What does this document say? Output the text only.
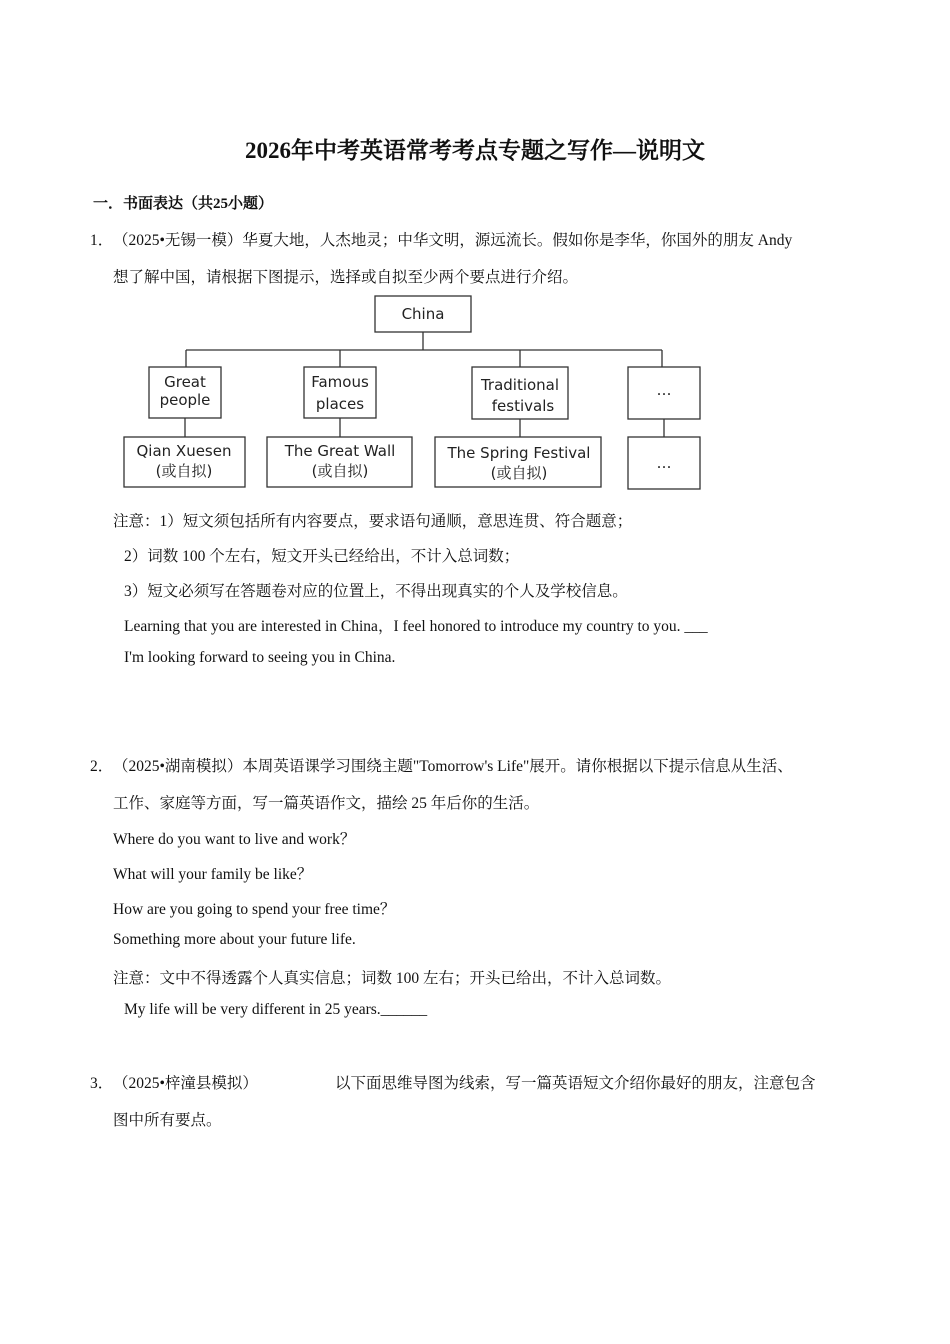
2026年中考英语常考考点专题之写作—说明文
一．书面表达（共25小题）
1． （2025•无锡一模）华夏大地，人杰地灵；中华文明，源远流长。假如你是李华，你国外的朋友 Andy
想了解中国，请根据下图提示，选择或自拟至少两个要点进行介绍。
China
Great
people
Qian Xuesen
(或自拟)
Famous
places
The Great Wall
(或自拟)
Traditional
festivals
The Spring Festival
(或自拟)
…
…
注意：1）短文须包括所有内容要点，要求语句通顺，意思连贯、符合题意；
2）词数 100 个左右，短文开头已经给出，不计入总词数；
3）短文必须写在答题卷对应的位置上，不得出现真实的个人及学校信息。
Learning that you are interested in China，I feel honored to introduce my country to you. ___
I'm looking forward to seeing you in China.
2． （2025•湖南模拟）本周英语课学习围绕主题"Tomorrow's Life"展开。请你根据以下提示信息从生活、
工作、家庭等方面，写一篇英语作文，描绘 25 年后你的生活。
Where do you want to live and work？
What will your family be like？
How are you going to spend your free time？
Something more about your future life.
注意：文中不得透露个人真实信息；词数 100 左右；开头已给出，不计入总词数。
My life will be very different in 25 years.______
3． （2025•梓潼县模拟）	以下面思维导图为线索，写一篇英语短文介绍你最好的朋友，注意包含
图中所有要点。
